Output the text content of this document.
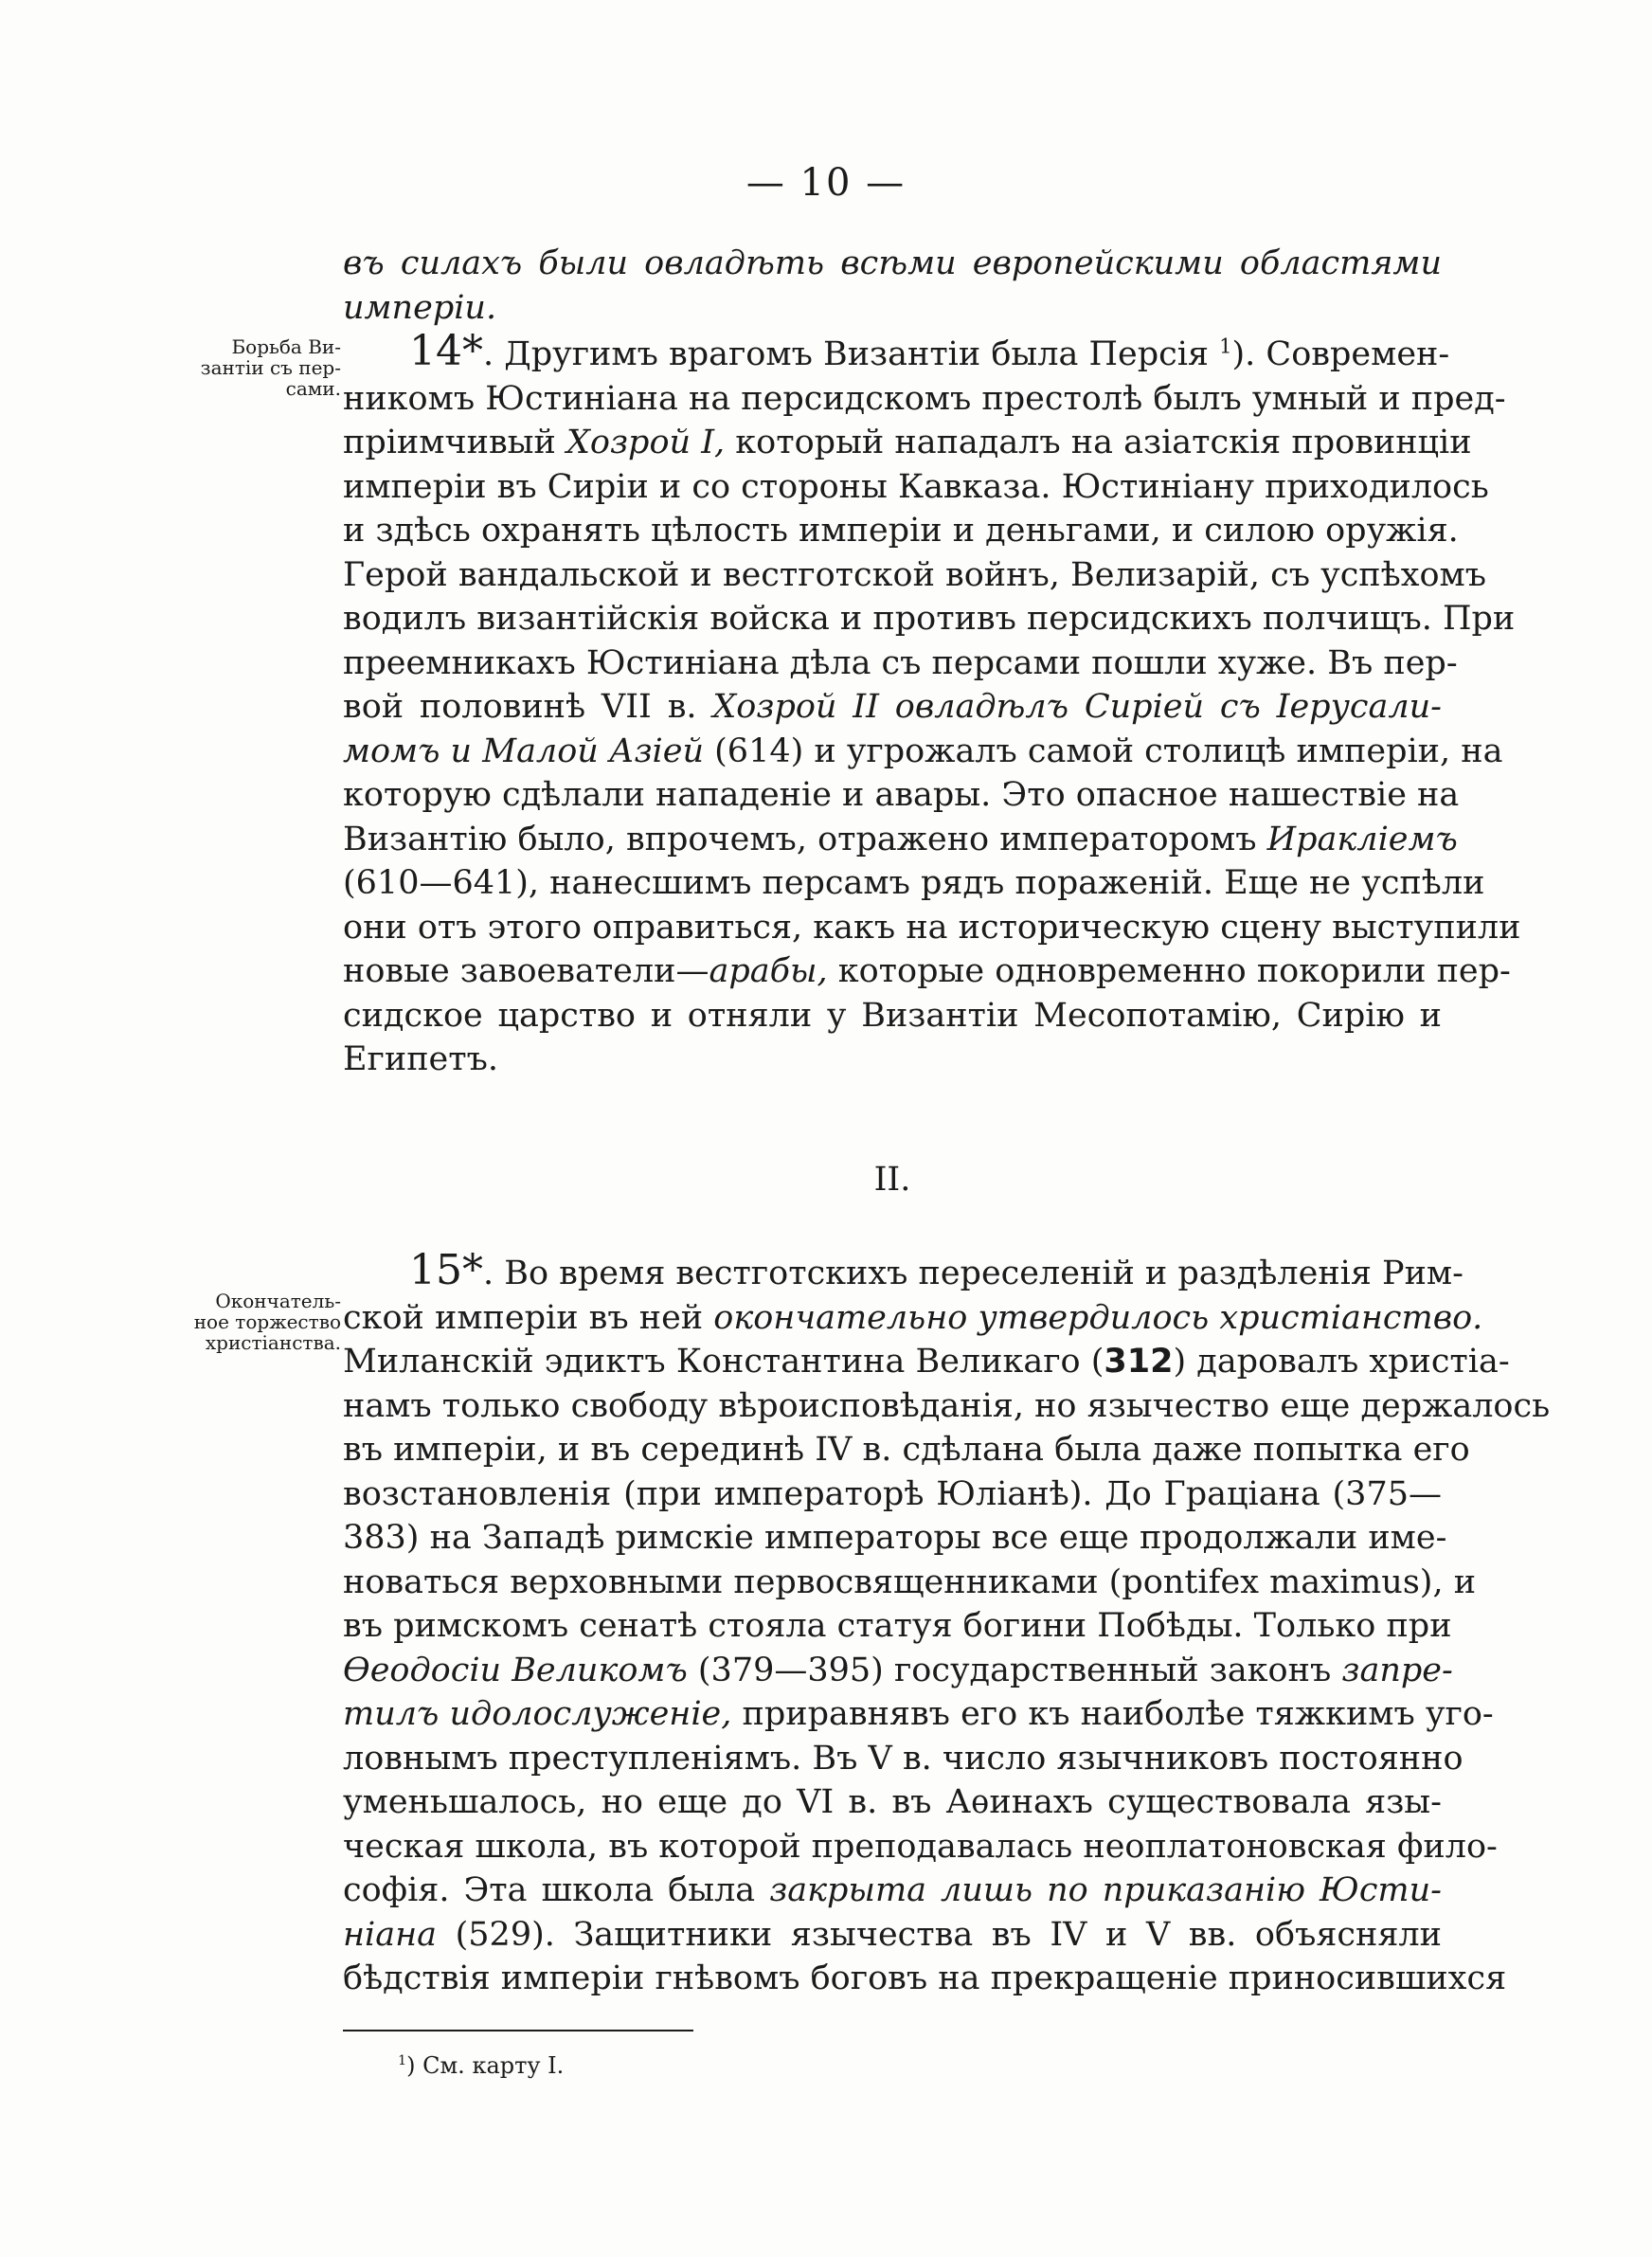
— 10 —
Борьба Ви-
зантіи съ пер-
сами.
въ силахъ были овладѣть всѣми европейскими областями
имперіи.
14*. Другимъ врагомъ Византіи была Персія $^1$). Современ-
никомъ Юстиніана на персидскомъ престолѣ былъ умный и пред-
пріимчивый Хозрой I, который нападалъ на азіатскія провинціи
имперіи въ Сиріи и со стороны Кавказа. Юстиніану приходилось
и здѣсь охранять цѣлость имперіи и деньгами, и силою оружія.
Герой вандальской и вестготской войнъ, Велизарій, съ успѣхомъ
водилъ византійскія войска и противъ персидскихъ полчищъ. При
преемникахъ Юстиніана дѣла съ персами пошли хуже. Въ пер-
вой половинѣ VII в. Хозрой II овладѣлъ Сиріей съ Іерусали-
момъ и Малой Азіей (614) и угрожалъ самой столицѣ имперіи, на
которую сдѣлали нападеніе и авары. Это опасное нашествіе на
Византію было, впрочемъ, отражено императоромъ Ираклiемъ
(610—641), нанесшимъ персамъ рядъ пораженій. Еще не успѣли
они отъ этого оправиться, какъ на историческую сцену выступили
новые завоеватели—арабы, которые одновременно покорили пер-
сидское царство и отняли у Византіи Месопотамію, Сирію и
Египетъ.
II.
Окончатель-
ное торжество
христіанства.
15*. Во время вестготскихъ переселеній и раздѣленія Рим-
ской имперіи въ ней окончательно утвердилось христіанство.
Миланскій эдиктъ Константина Великаго (312) даровалъ христіа-
намъ только свободу вѣроисповѣданія, но язычество еще держалось
въ имперіи, и въ серединѣ IV в. сдѣлана была даже попытка его
возстановленія (при императорѣ Юліанѣ). До Граціана (375—
383) на Западѣ римскіе императоры все еще продолжали име-
новаться верховными первосвященниками (pontifex maximus), и
въ римскомъ сенатѣ стояла статуя богини Побѣды. Только при
Ѳеодосіи Великомъ (379—395) государственный законъ запре-
тилъ идолослуженіе, приравнявъ его къ наиболѣе тяжкимъ уго-
ловнымъ преступленіямъ. Въ V в. число язычниковъ постоянно
уменьшалось, но еще до VI в. въ Аѳинахъ существовала язы-
ческая школа, въ которой преподавалась неоплатоновская фило-
софія. Эта школа была закрыта лишь по приказанію Юсти-
ніана (529). Защитники язычества въ IV и V вв. объясняли
бѣдствія имперіи гнѣвомъ боговъ на прекращеніе приносившихся
$^1$) См. карту I.
